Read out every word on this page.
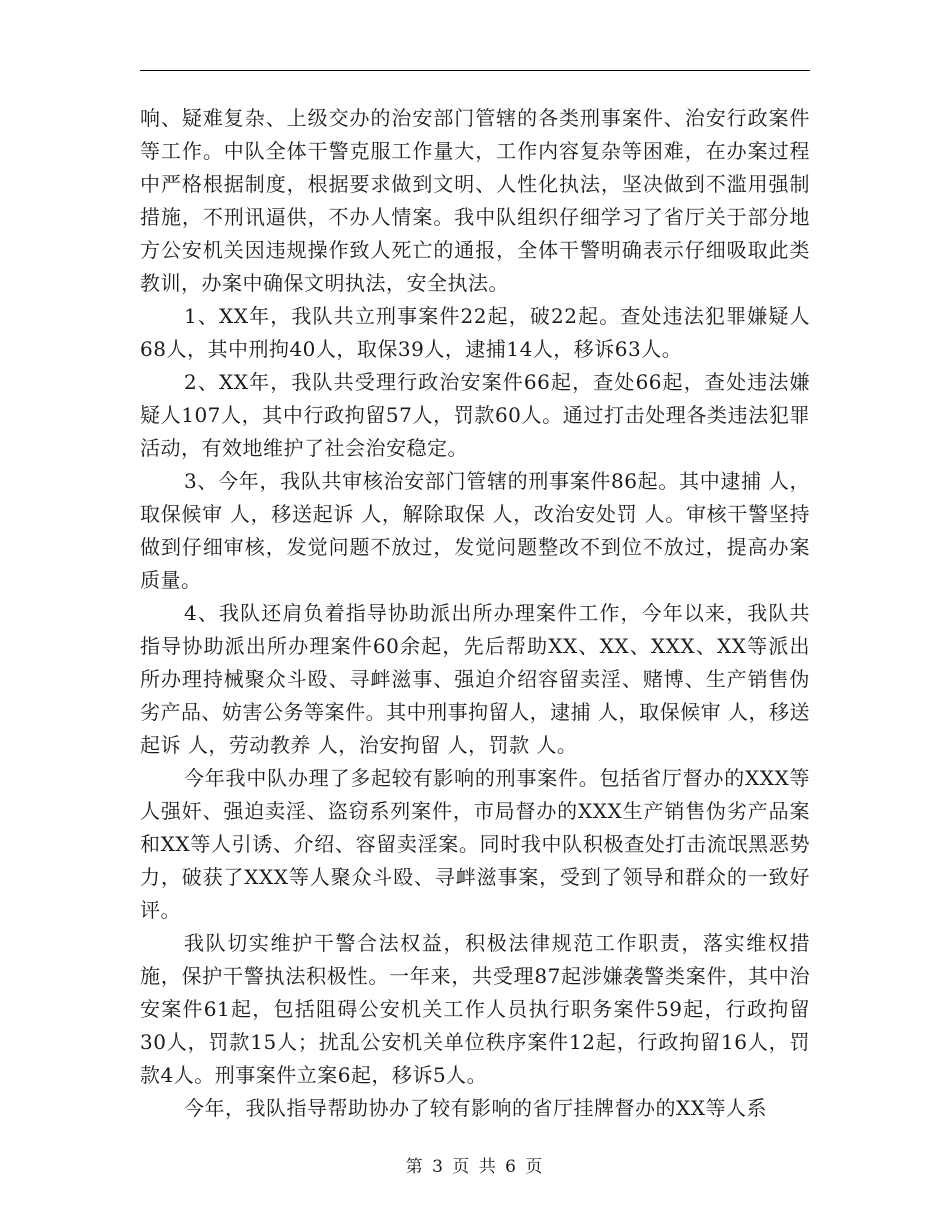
响、疑难复杂、上级交办的治安部门管辖的各类刑事案件、治安行政案件等工作。中队全体干警克服工作量大，工作内容复杂等困难，在办案过程中严格根据制度，根据要求做到文明、人性化执法，坚决做到不滥用强制措施，不刑讯逼供，不办人情案。我中队组织仔细学习了省厅关于部分地方公安机关因违规操作致人死亡的通报，全体干警明确表示仔细吸取此类教训，办案中确保文明执法，安全执法。

1、XX年，我队共立刑事案件22起，破22起。查处违法犯罪嫌疑人68人，其中刑拘40人，取保39人，逮捕14人，移诉63人。

2、XX年，我队共受理行政治安案件66起，查处66起，查处违法嫌疑人107人，其中行政拘留57人，罚款60人。通过打击处理各类违法犯罪活动，有效地维护了社会治安稳定。

3、今年，我队共审核治安部门管辖的刑事案件86起。其中逮捕 人，取保候审 人，移送起诉 人，解除取保 人，改治安处罚 人。审核干警坚持做到仔细审核，发觉问题不放过，发觉问题整改不到位不放过，提高办案质量。

4、我队还肩负着指导协助派出所办理案件工作，今年以来，我队共指导协助派出所办理案件60余起，先后帮助XX、XX、XXX、XX等派出所办理持械聚众斗殴、寻衅滋事、强迫介绍容留卖淫、赌博、生产销售伪劣产品、妨害公务等案件。其中刑事拘留人，逮捕 人，取保候审 人，移送起诉 人，劳动教养 人，治安拘留 人，罚款 人。

今年我中队办理了多起较有影响的刑事案件。包括省厅督办的XXX等人强奸、强迫卖淫、盗窃系列案件，市局督办的XXX生产销售伪劣产品案和XX等人引诱、介绍、容留卖淫案。同时我中队积极查处打击流氓黑恶势力，破获了XXX等人聚众斗殴、寻衅滋事案，受到了领导和群众的一致好评。

我队切实维护干警合法权益，积极法律规范工作职责，落实维权措施，保护干警执法积极性。一年来，共受理87起涉嫌袭警类案件，其中治安案件61起，包括阻碍公安机关工作人员执行职务案件59起，行政拘留30人，罚款15人；扰乱公安机关单位秩序案件12起，行政拘留16人，罚款4人。刑事案件立案6起，移诉5人。

今年，我队指导帮助协办了较有影响的省厅挂牌督办的XX等人系

第 3 页 共 6 页
